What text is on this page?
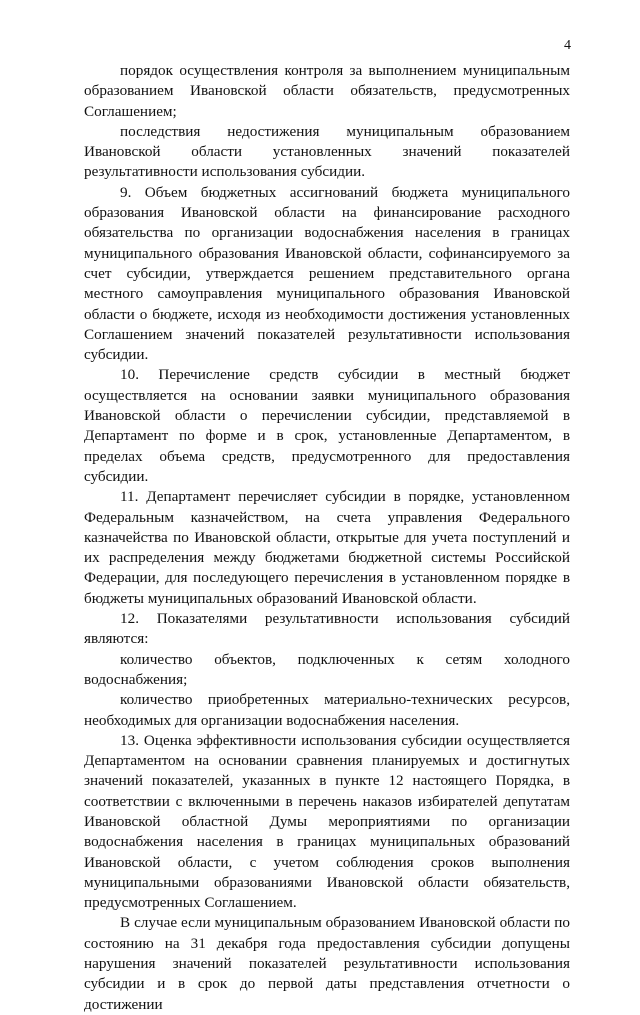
4

порядок осуществления контроля за выполнением муниципальным образованием Ивановской области обязательств, предусмотренных Соглашением;

последствия недостижения муниципальным образованием Ивановской области установленных значений показателей результативности использования субсидии.

9. Объем бюджетных ассигнований бюджета муниципального образования Ивановской области на финансирование расходного обязательства по организации водоснабжения населения в границах муниципального образования Ивановской области, софинансируемого за счет субсидии, утверждается решением представительного органа местного самоуправления муниципального образования Ивановской области о бюджете, исходя из необходимости достижения установленных Соглашением значений показателей результативности использования субсидии.

10. Перечисление средств субсидии в местный бюджет осуществляется на основании заявки муниципального образования Ивановской области о перечислении субсидии, представляемой в Департамент по форме и в срок, установленные Департаментом, в пределах объема средств, предусмотренного для предоставления субсидии.

11. Департамент перечисляет субсидии в порядке, установленном Федеральным казначейством, на счета управления Федерального казначейства по Ивановской области, открытые для учета поступлений и их распределения между бюджетами бюджетной системы Российской Федерации, для последующего перечисления в установленном порядке в бюджеты муниципальных образований Ивановской области.

12. Показателями результативности использования субсидий являются:

количество объектов, подключенных к сетям холодного водоснабжения;

количество приобретенных материально-технических ресурсов, необходимых для организации водоснабжения населения.

13. Оценка эффективности использования субсидии осуществляется Департаментом на основании сравнения планируемых и достигнутых значений показателей, указанных в пункте 12 настоящего Порядка, в соответствии с включенными в перечень наказов избирателей депутатам Ивановской областной Думы мероприятиями по организации водоснабжения населения в границах муниципальных образований Ивановской области, с учетом соблюдения сроков выполнения муниципальными образованиями Ивановской области обязательств, предусмотренных Соглашением.

В случае если муниципальным образованием Ивановской области по состоянию на 31 декабря года предоставления субсидии допущены нарушения значений показателей результативности использования субсидии и в срок до первой даты представления отчетности о достижении
